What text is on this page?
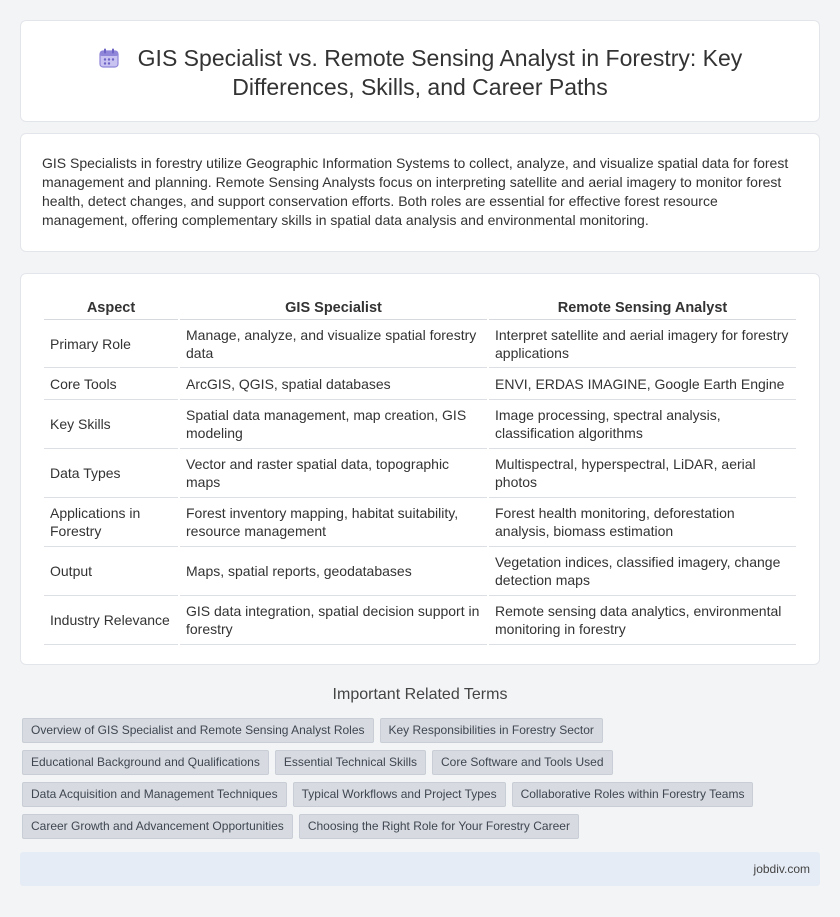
GIS Specialist vs. Remote Sensing Analyst in Forestry: Key Differences, Skills, and Career Paths

GIS Specialists in forestry utilize Geographic Information Systems to collect, analyze, and visualize spatial data for forest management and planning. Remote Sensing Analysts focus on interpreting satellite and aerial imagery to monitor forest health, detect changes, and support conservation efforts. Both roles are essential for effective forest resource management, offering complementary skills in spatial data analysis and environmental monitoring.

Aspect	GIS Specialist	Remote Sensing Analyst
Primary Role	Manage, analyze, and visualize spatial forestry data	Interpret satellite and aerial imagery for forestry applications
Core Tools	ArcGIS, QGIS, spatial databases	ENVI, ERDAS IMAGINE, Google Earth Engine
Key Skills	Spatial data management, map creation, GIS modeling	Image processing, spectral analysis, classification algorithms
Data Types	Vector and raster spatial data, topographic maps	Multispectral, hyperspectral, LiDAR, aerial photos
Applications in Forestry	Forest inventory mapping, habitat suitability, resource management	Forest health monitoring, deforestation analysis, biomass estimation
Output	Maps, spatial reports, geodatabases	Vegetation indices, classified imagery, change detection maps
Industry Relevance	GIS data integration, spatial decision support in forestry	Remote sensing data analytics, environmental monitoring in forestry
Important Related Terms
Overview of GIS Specialist and Remote Sensing Analyst Roles Key Responsibilities in Forestry Sector
Educational Background and Qualifications Essential Technical Skills Core Software and Tools Used
Data Acquisition and Management Techniques Typical Workflows and Project Types Collaborative Roles within Forestry Teams
Career Growth and Advancement Opportunities Choosing the Right Role for Your Forestry Career
jobdiv.com
